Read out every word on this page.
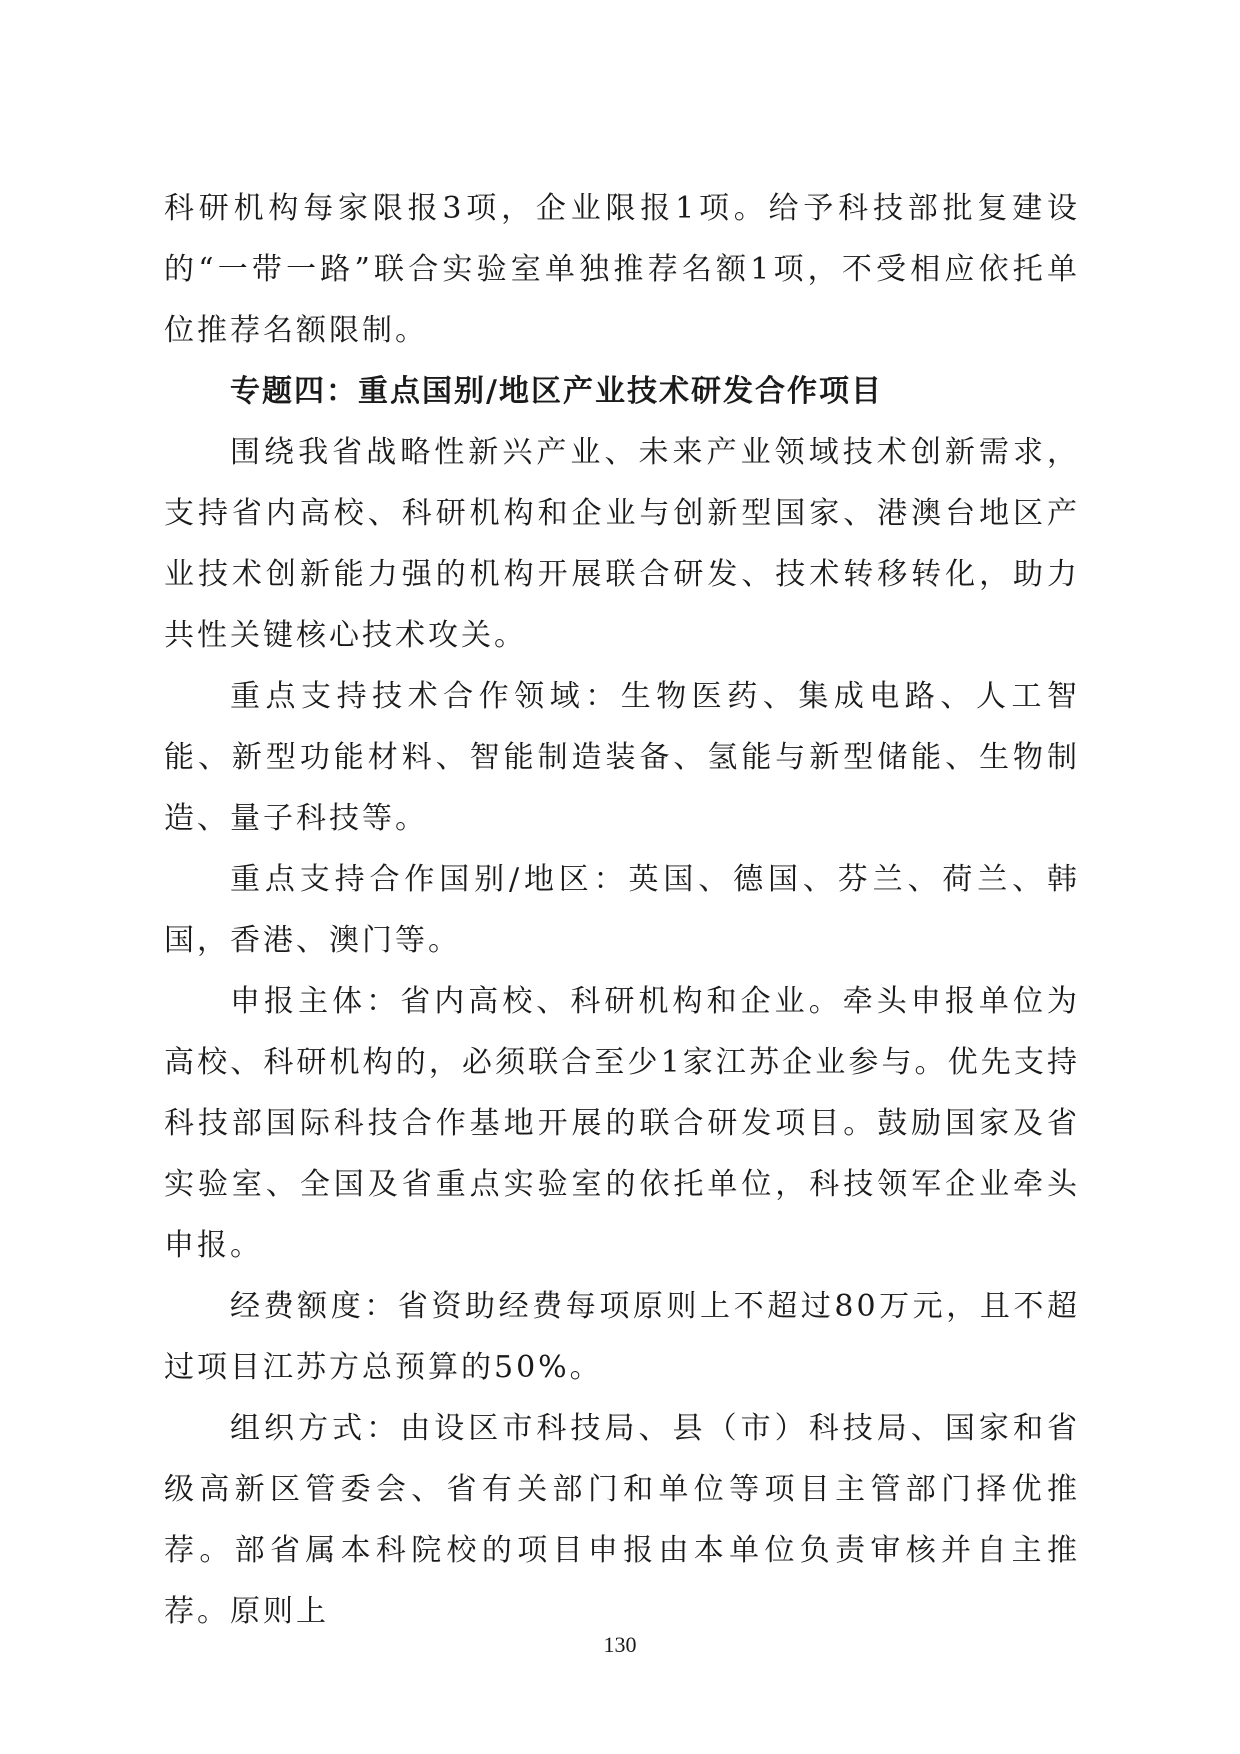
科研机构每家限报3项，企业限报1项。给予科技部批复建设的“一带一路”联合实验室单独推荐名额1项，不受相应依托单位推荐名额限制。

专题四：重点国别/地区产业技术研发合作项目

围绕我省战略性新兴产业、未来产业领域技术创新需求，支持省内高校、科研机构和企业与创新型国家、港澳台地区产业技术创新能力强的机构开展联合研发、技术转移转化，助力共性关键核心技术攻关。

重点支持技术合作领域：生物医药、集成电路、人工智能、新型功能材料、智能制造装备、氢能与新型储能、生物制造、量子科技等。

重点支持合作国别/地区：英国、德国、芬兰、荷兰、韩国，香港、澳门等。

申报主体：省内高校、科研机构和企业。牵头申报单位为高校、科研机构的，必须联合至少1家江苏企业参与。优先支持科技部国际科技合作基地开展的联合研发项目。鼓励国家及省实验室、全国及省重点实验室的依托单位，科技领军企业牵头申报。

经费额度：省资助经费每项原则上不超过80万元，且不超过项目江苏方总预算的50%。

组织方式：由设区市科技局、县（市）科技局、国家和省级高新区管委会、省有关部门和单位等项目主管部门择优推荐。部省属本科院校的项目申报由本单位负责审核并自主推荐。原则上

130
